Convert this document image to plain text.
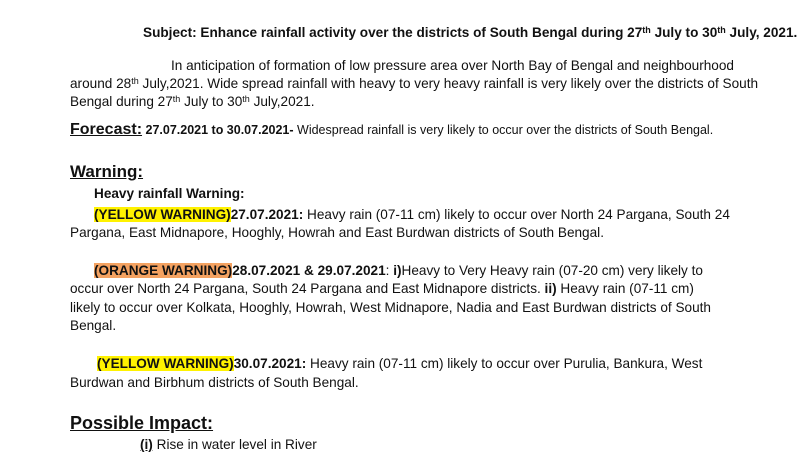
Subject: Enhance rainfall activity over the districts of South Bengal during 27th July to 30th July, 2021.
In anticipation of formation of low pressure area over North Bay of Bengal and neighbourhood
around 28th July,2021. Wide spread rainfall with heavy to very heavy rainfall is very likely over the districts of South
Bengal during 27th July to 30th July,2021.
Forecast: 27.07.2021 to 30.07.2021- Widespread rainfall is very likely to occur over the districts of South Bengal.
Warning:
Heavy rainfall Warning:
(YELLOW WARNING)27.07.2021: Heavy rain (07-11 cm) likely to occur over North 24 Pargana, South 24
Pargana, East Midnapore, Hooghly, Howrah and East Burdwan districts of South Bengal.
(ORANGE WARNING)28.07.2021 & 29.07.2021: i)Heavy to Very Heavy rain (07-20 cm) very likely to
occur over North 24 Pargana, South 24 Pargana and East Midnapore districts. ii) Heavy rain (07-11 cm)
likely to occur over Kolkata, Hooghly, Howrah, West Midnapore, Nadia and East Burdwan districts of South
Bengal.
(YELLOW WARNING)30.07.2021: Heavy rain (07-11 cm) likely to occur over Purulia, Bankura, West
Burdwan and Birbhum districts of South Bengal.
Possible Impact:
(i) Rise in water level in River
